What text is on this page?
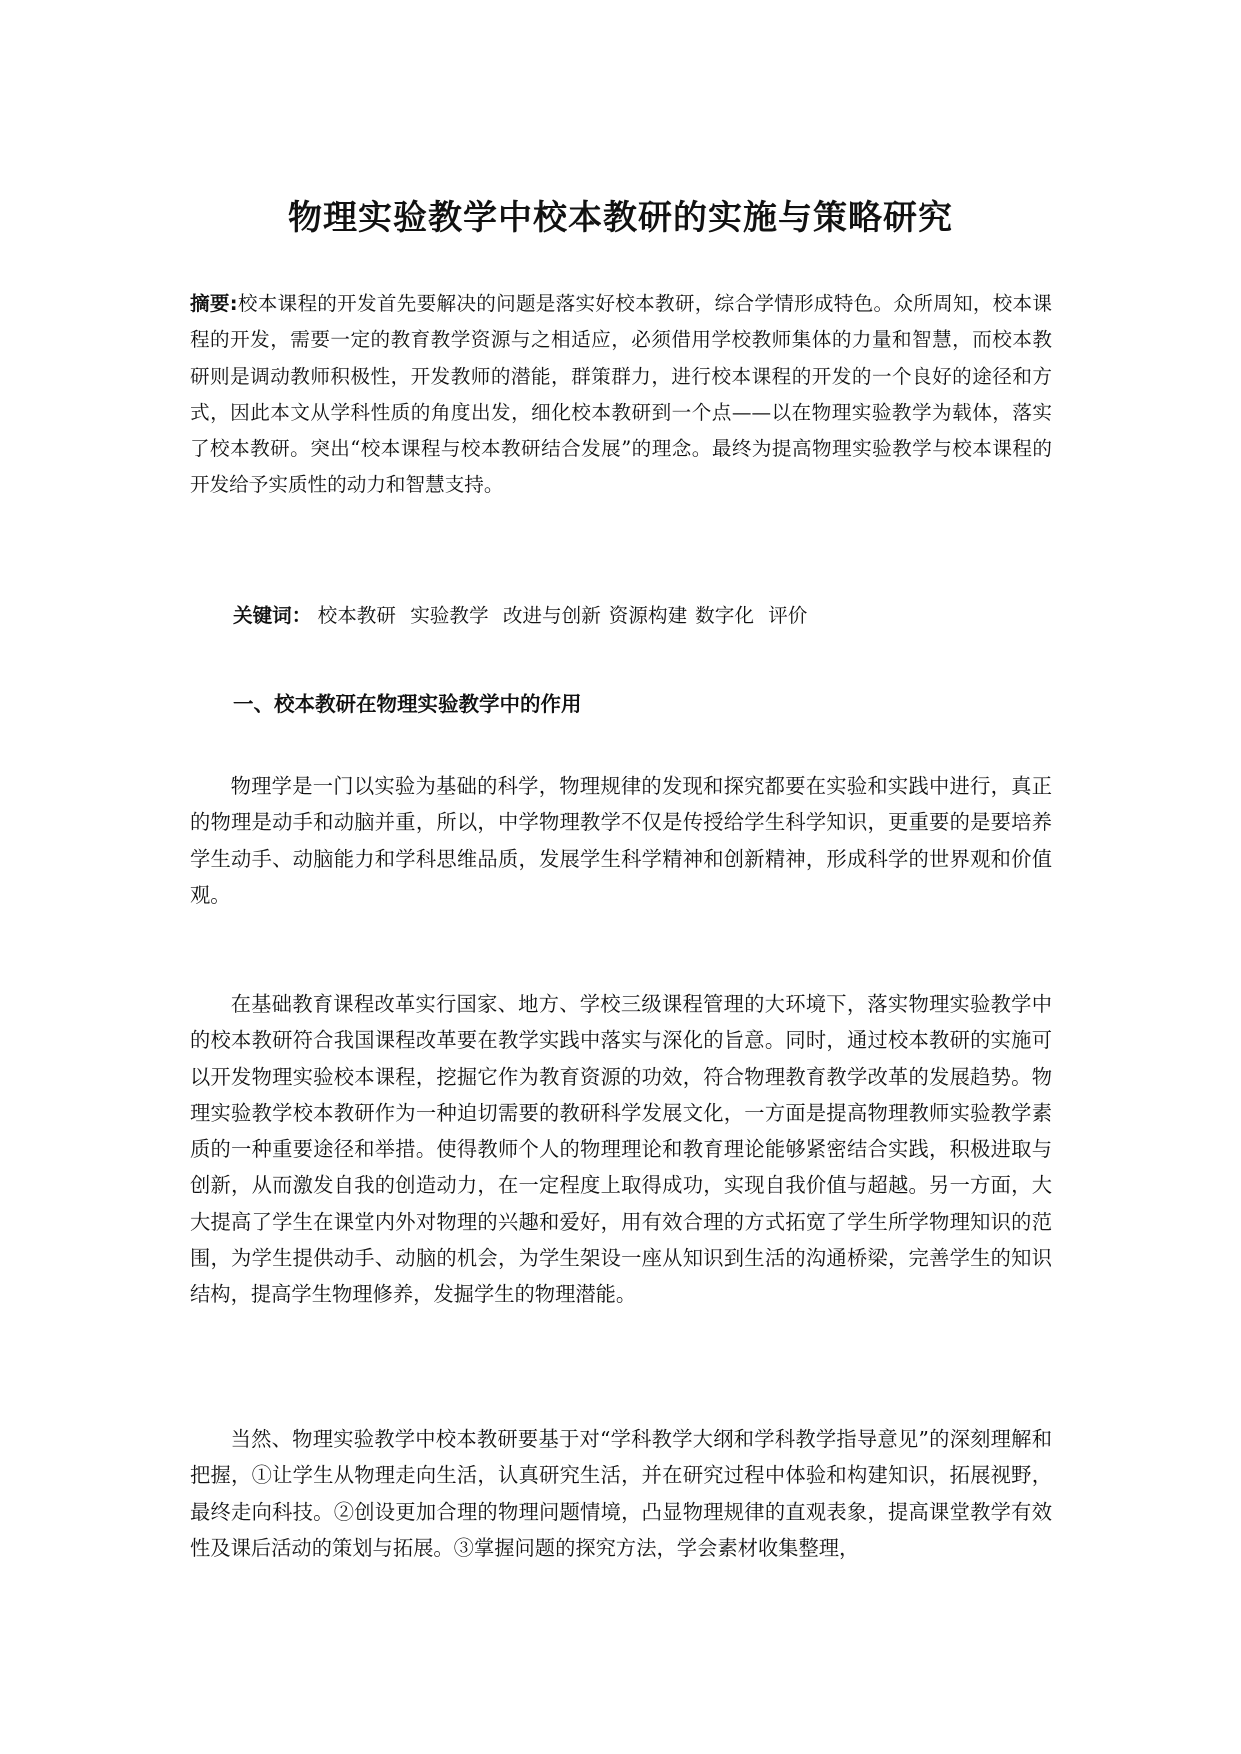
物理实验教学中校本教研的实施与策略研究

摘要:校本课程的开发首先要解决的问题是落实好校本教研，综合学情形成特色。众所周知，校本课程的开发，需要一定的教育教学资源与之相适应，必须借用学校教师集体的力量和智慧，而校本教研则是调动教师积极性，开发教师的潜能，群策群力，进行校本课程的开发的一个良好的途径和方式，因此本文从学科性质的角度出发，细化校本教研到一个点——以在物理实验教学为载体，落实了校本教研。突出“校本课程与校本教研结合发展”的理念。最终为提高物理实验教学与校本课程的开发给予实质性的动力和智慧支持。

关键词： 校本教研 实验教学 改进与创新 资源构建 数字化 评价

一、校本教研在物理实验教学中的作用

物理学是一门以实验为基础的科学，物理规律的发现和探究都要在实验和实践中进行，真正的物理是动手和动脑并重，所以，中学物理教学不仅是传授给学生科学知识，更重要的是要培养学生动手、动脑能力和学科思维品质，发展学生科学精神和创新精神，形成科学的世界观和价值观。

在基础教育课程改革实行国家、地方、学校三级课程管理的大环境下，落实物理实验教学中的校本教研符合我国课程改革要在教学实践中落实与深化的旨意。同时，通过校本教研的实施可以开发物理实验校本课程，挖掘它作为教育资源的功效，符合物理教育教学改革的发展趋势。物理实验教学校本教研作为一种迫切需要的教研科学发展文化，一方面是提高物理教师实验教学素质的一种重要途径和举措。使得教师个人的物理理论和教育理论能够紧密结合实践，积极进取与创新，从而激发自我的创造动力，在一定程度上取得成功，实现自我价值与超越。另一方面，大大提高了学生在课堂内外对物理的兴趣和爱好，用有效合理的方式拓宽了学生所学物理知识的范围，为学生提供动手、动脑的机会，为学生架设一座从知识到生活的沟通桥梁，完善学生的知识结构，提高学生物理修养，发掘学生的物理潜能。

当然、物理实验教学中校本教研要基于对“学科教学大纲和学科教学指导意见”的深刻理解和把握，①让学生从物理走向生活，认真研究生活，并在研究过程中体验和构建知识，拓展视野，最终走向科技。②创设更加合理的物理问题情境，凸显物理规律的直观表象，提高课堂教学有效性及课后活动的策划与拓展。③掌握问题的探究方法，学会素材收集整理，
